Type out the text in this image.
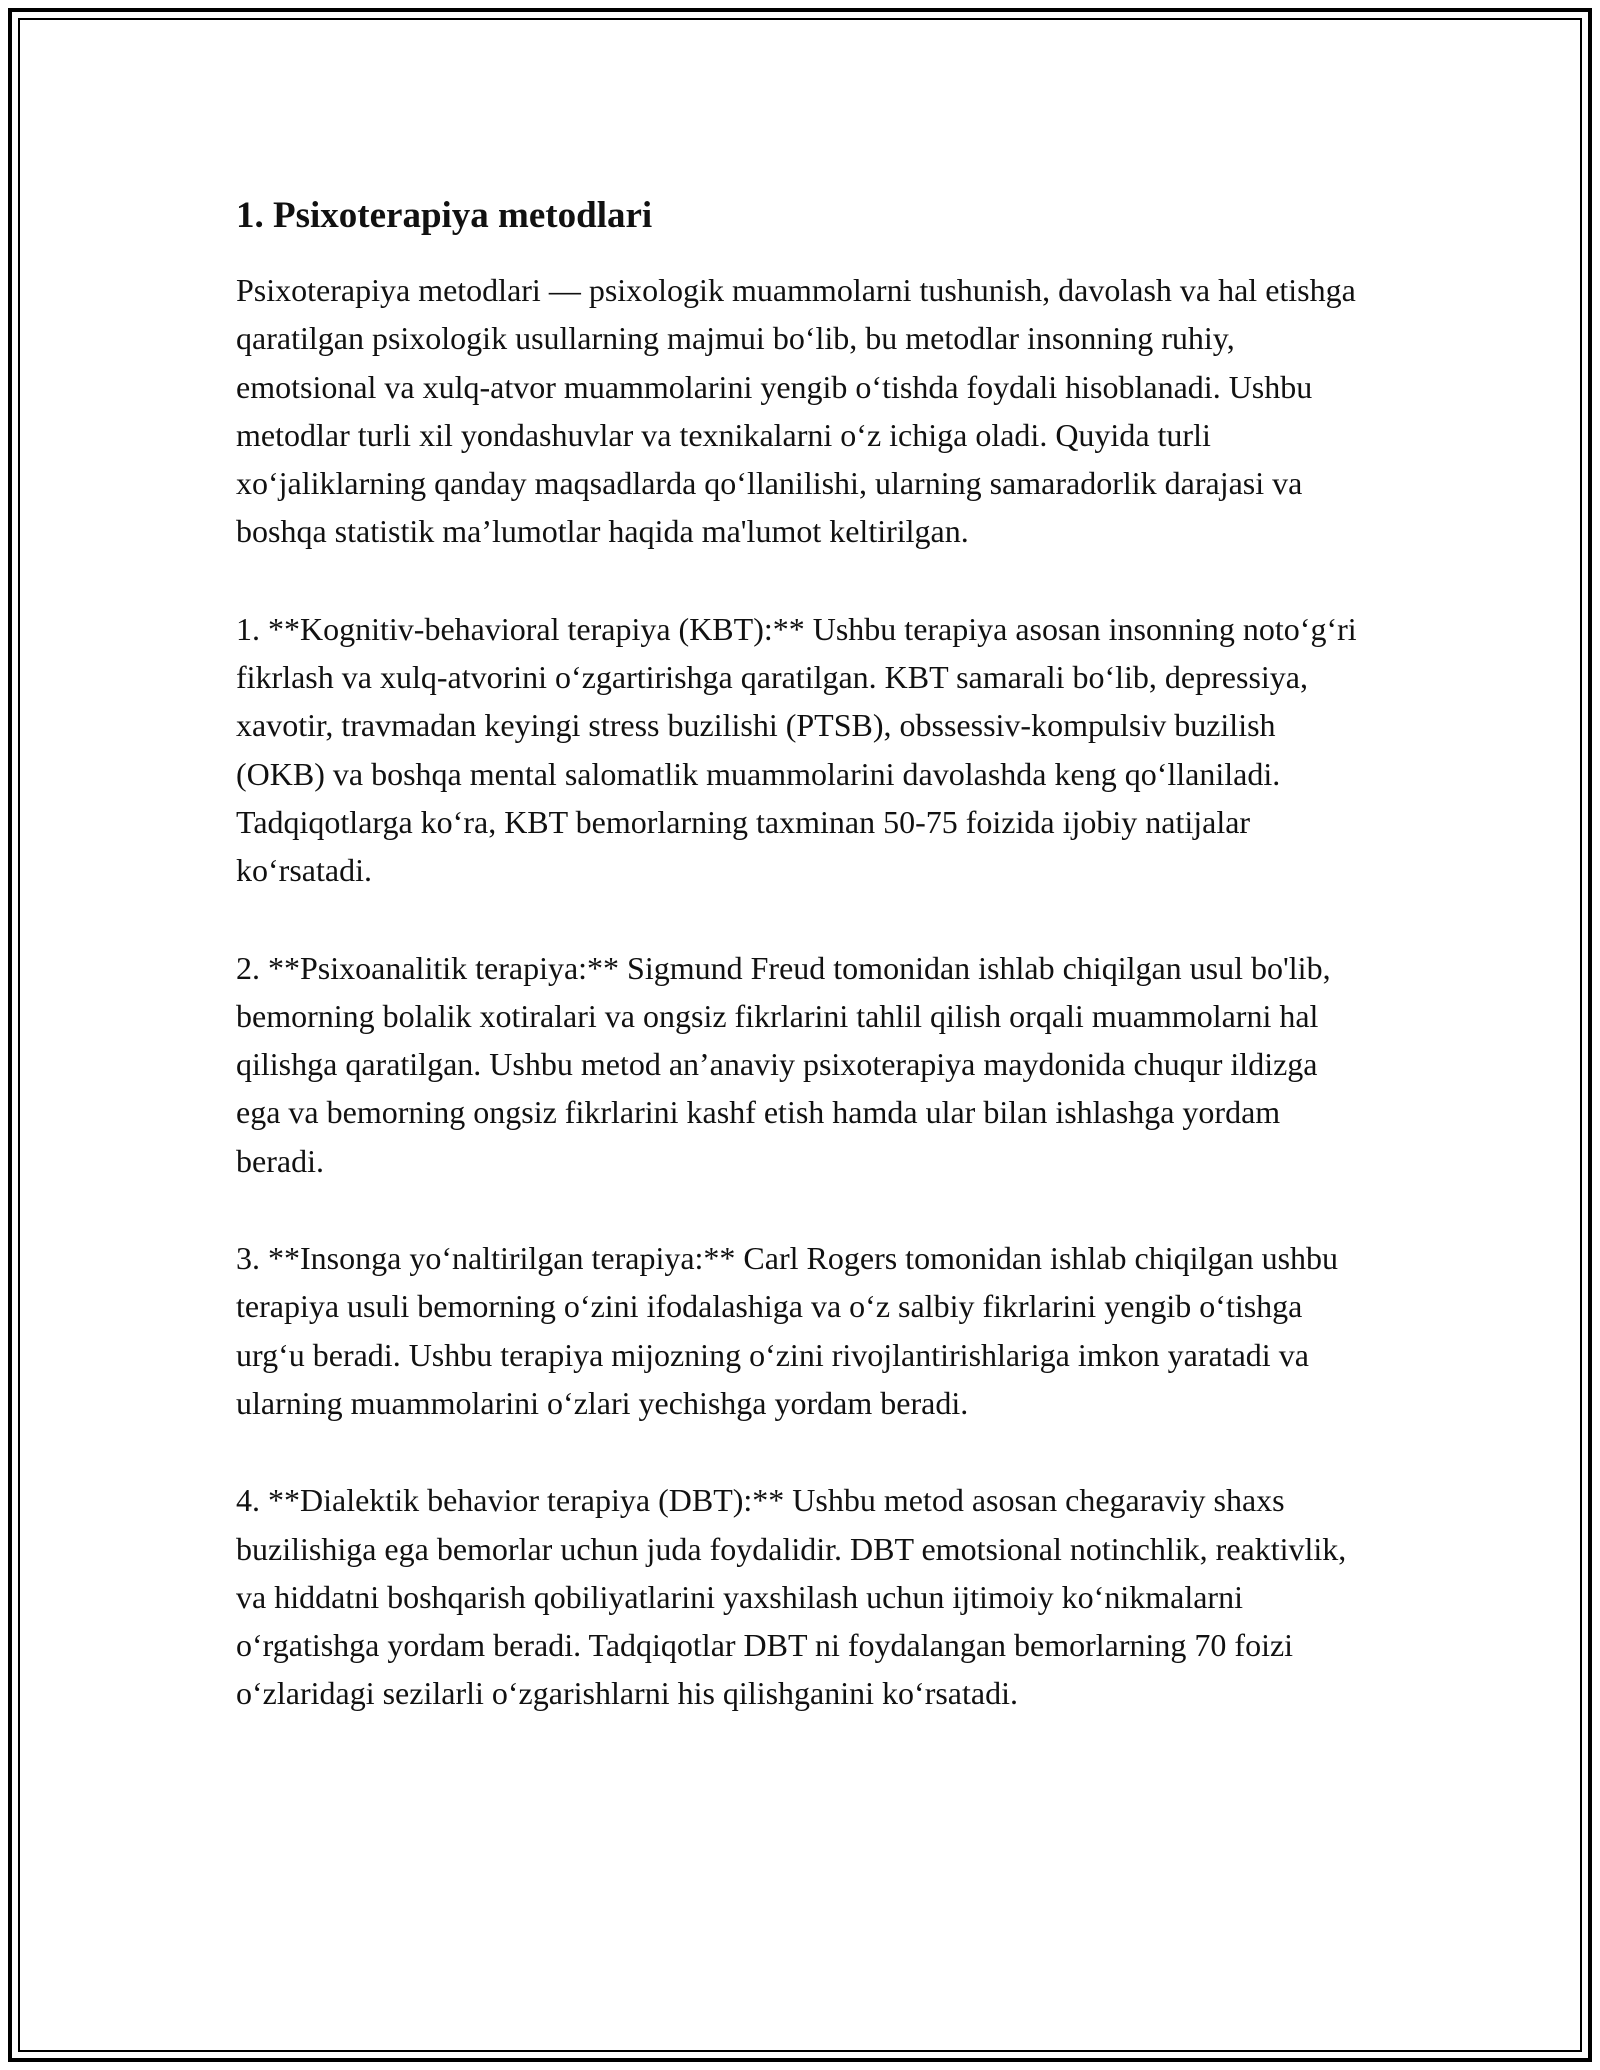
1. Psixoterapiya metodlari

Psixoterapiya metodlari — psixologik muammolarni tushunish, davolash va hal etishga qaratilgan psixologik usullarning majmui bo‘lib, bu metodlar insonning ruhiy, emotsional va xulq-atvor muammolarini yengib o‘tishda foydali hisoblanadi. Ushbu metodlar turli xil yondashuvlar va texnikalarni o‘z ichiga oladi. Quyida turli xo‘jaliklarning qanday maqsadlarda qo‘llanilishi, ularning samaradorlik darajasi va boshqa statistik ma’lumotlar haqida ma'lumot keltirilgan.

1. **Kognitiv-behavioral terapiya (KBT):** Ushbu terapiya asosan insonning noto‘g‘ri fikrlash va xulq-atvorini o‘zgartirishga qaratilgan. KBT samarali bo‘lib, depressiya, xavotir, travmadan keyingi stress buzilishi (PTSB), obssessiv-kompulsiv buzilish (OKB) va boshqa mental salomatlik muammolarini davolashda keng qo‘llaniladi. Tadqiqotlarga ko‘ra, KBT bemorlarning taxminan 50-75 foizida ijobiy natijalar ko‘rsatadi.

2. **Psixoanalitik terapiya:** Sigmund Freud tomonidan ishlab chiqilgan usul bo'lib, bemorning bolalik xotiralari va ongsiz fikrlarini tahlil qilish orqali muammolarni hal qilishga qaratilgan. Ushbu metod an’anaviy psixoterapiya maydonida chuqur ildizga ega va bemorning ongsiz fikrlarini kashf etish hamda ular bilan ishlashga yordam beradi.

3. **Insonga yo‘naltirilgan terapiya:** Carl Rogers tomonidan ishlab chiqilgan ushbu terapiya usuli bemorning o‘zini ifodalashiga va o‘z salbiy fikrlarini yengib o‘tishga urg‘u beradi. Ushbu terapiya mijozning o‘zini rivojlantirishlariga imkon yaratadi va ularning muammolarini o‘zlari yechishga yordam beradi.

4. **Dialektik behavior terapiya (DBT):** Ushbu metod asosan chegaraviy shaxs buzilishiga ega bemorlar uchun juda foydalidir. DBT emotsional notinchlik, reaktivlik, va hiddatni boshqarish qobiliyatlarini yaxshilash uchun ijtimoiy ko‘nikmalarni o‘rgatishga yordam beradi. Tadqiqotlar DBT ni foydalangan bemorlarning 70 foizi o‘zlaridagi sezilarli o‘zgarishlarni his qilishganini ko‘rsatadi.
